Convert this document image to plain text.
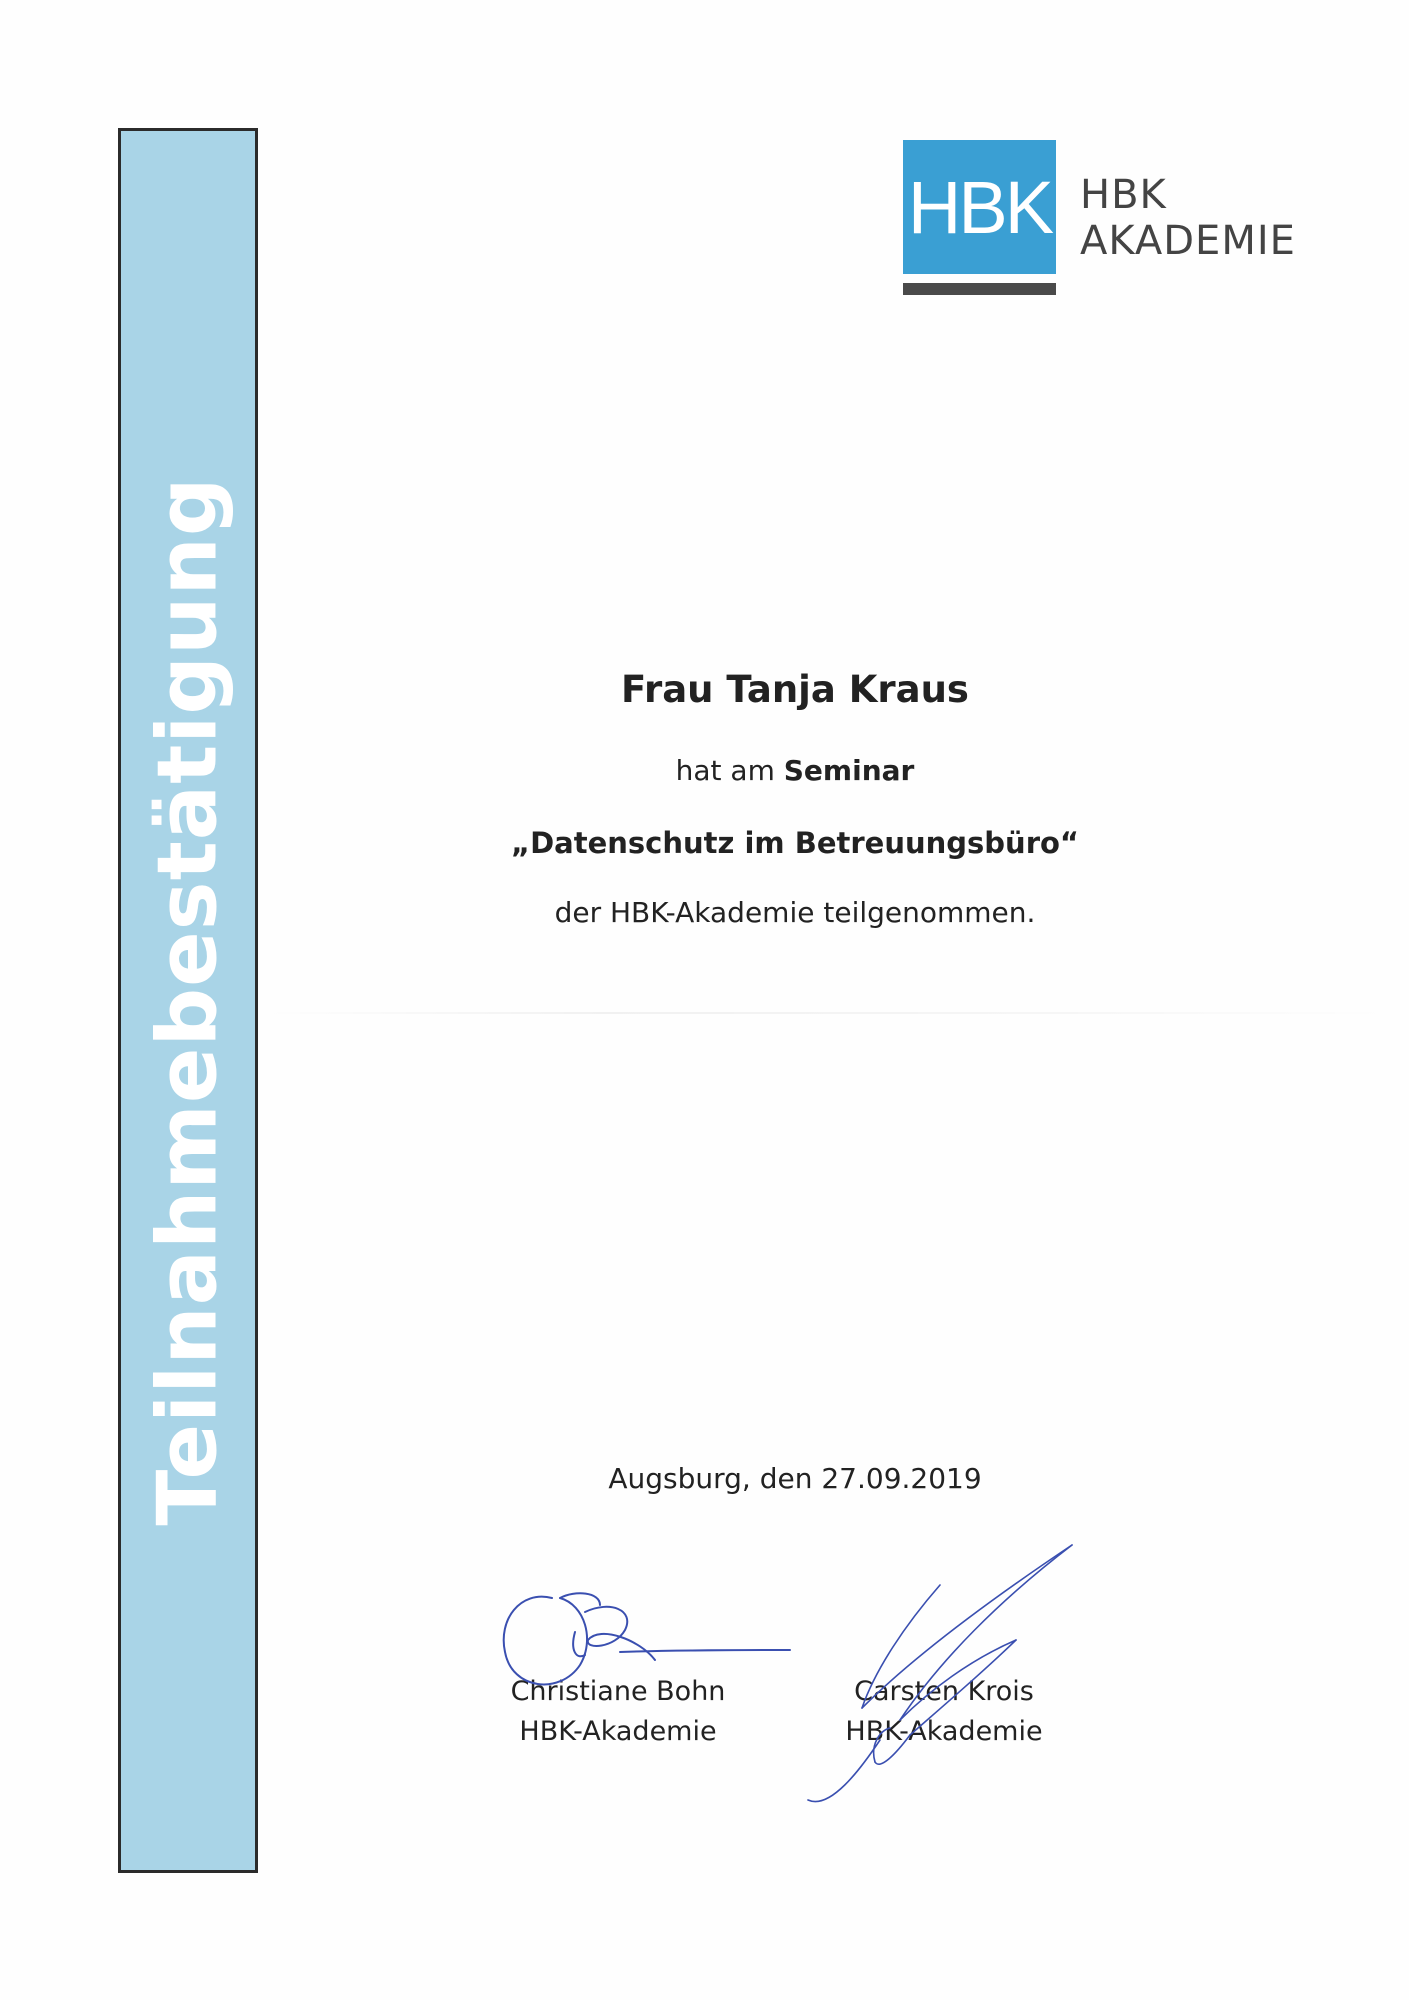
Teilnahmebestätigung
HBK HBK
AKADEMIE
Frau Tanja Kraus
hat am Seminar
„Datenschutz im Betreuungsbüro“
der HBK-Akademie teilgenommen.
Augsburg, den 27.09.2019
Christiane Bohn
HBK-Akademie
Carsten Krois
HBK-Akademie
